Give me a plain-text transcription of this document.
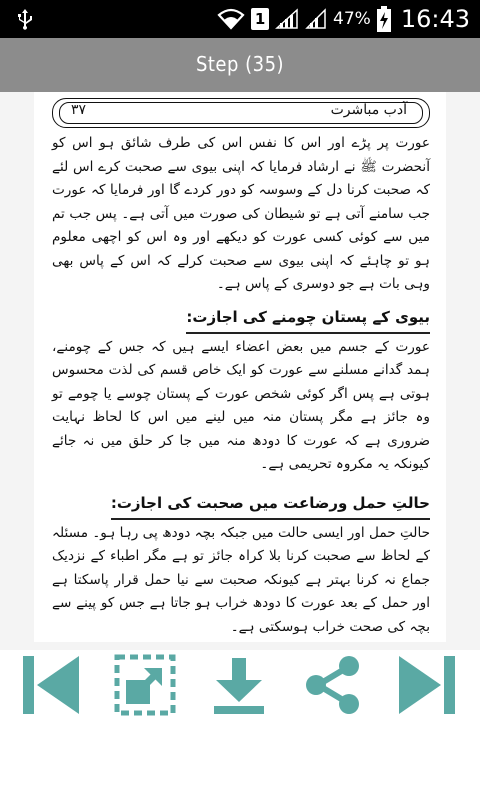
1	47% 16:43
Step (35)
آدب مباشرت
۳۷

عورت پر پڑے اور اس کا نفس اس کی طرف شائق ہو اس کو آنحضرت ﷺ نے ارشاد فرمایا کہ اپنی بیوی سے صحبت کرے اس لئے کہ صحبت کرنا دل کے وسوسہ کو دور کردے گا اور فرمایا کہ عورت جب سامنے آتی ہے تو شیطان کی صورت میں آتی ہے۔ پس جب تم میں سے کوئی کسی عورت کو دیکھے اور وہ اس کو اچھی معلوم ہو تو چاہئے کہ اپنی بیوی سے صحبت کرلے کہ اس کے پاس بھی وہی بات ہے جو دوسری کے پاس ہے۔

بیوی کے پستان چومنے کی اجازت:

عورت کے جسم میں بعض اعضاء ایسے ہیں کہ جس کے چومنے، ہمد گدانے مسلنے سے عورت کو ایک خاص قسم کی لذت محسوس ہوتی ہے پس اگر کوئی شخص عورت کے پستان چوسے یا چومے تو وہ جائز ہے مگر پستان منہ میں لینے میں اس کا لحاظ نہایت ضروری ہے کہ عورت کا دودھ منہ میں جا کر حلق میں نہ جائے کیونکہ یہ مکروہ تحریمی ہے۔

حالتِ حمل ورضاعت میں صحبت کی اجازت:

حالتِ حمل اور ایسی حالت میں جبکہ بچہ دودھ پی رہا ہو۔ مسئلہ کے لحاظ سے صحبت کرنا بلا کراہ جائز تو ہے مگر اطباء کے نزدیک جماع نہ کرنا بہتر ہے کیونکہ صحبت سے نیا حمل قرار پاسکتا ہے اور حمل کے بعد عورت کا دودھ خراب ہو جاتا ہے جس کو پینے سے بچہ کی صحت خراب ہوسکتی ہے۔
